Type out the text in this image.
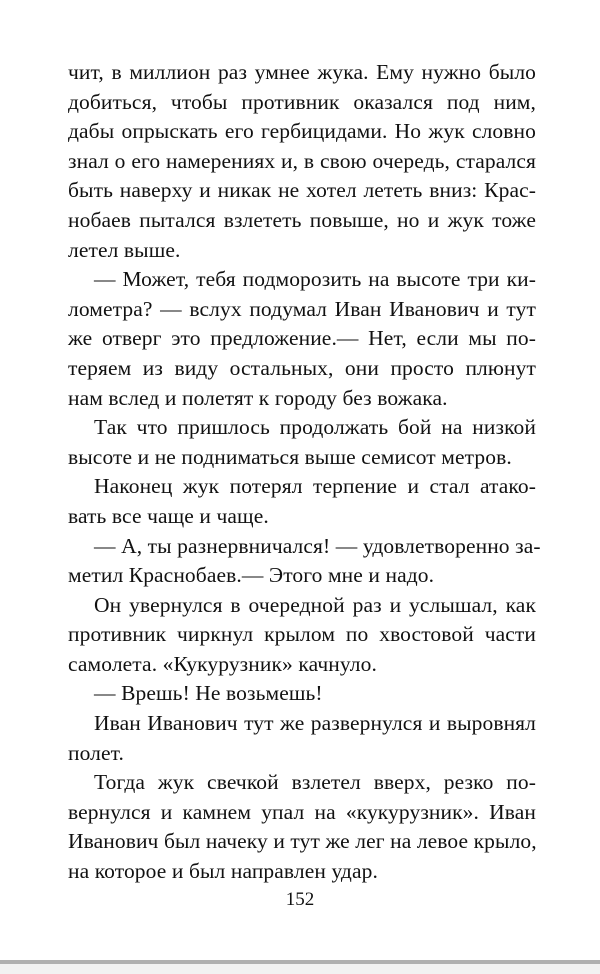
чит, в миллион раз умнее жука. Ему нужно было
добиться, чтобы противник оказался под ним,
дабы опрыскать его гербицидами. Но жук словно
знал о его намерениях и, в свою очередь, старался
быть наверху и никак не хотел лететь вниз: Крас-
нобаев пытался взлететь повыше, но и жук тоже
летел выше.
— Может, тебя подморозить на высоте три ки-
лометра? — вслух подумал Иван Иванович и тут
же отверг это предложение.— Нет, если мы по-
теряем из виду остальных, они просто плюнут
нам вслед и полетят к городу без вожака.
Так что пришлось продолжать бой на низкой
высоте и не подниматься выше семисот метров.
Наконец жук потерял терпение и стал атако-
вать все чаще и чаще.
— А, ты разнервничался! — удовлетворенно за-
метил Краснобаев.— Этого мне и надо.
Он увернулся в очередной раз и услышал, как
противник чиркнул крылом по хвостовой части
самолета. «Кукурузник» качнуло.
— Врешь! Не возьмешь!
Иван Иванович тут же развернулся и выровнял
полет.
Тогда жук свечкой взлетел вверх, резко по-
вернулся и камнем упал на «кукурузник». Иван
Иванович был начеку и тут же лег на левое крыло,
на которое и был направлен удар.
152
